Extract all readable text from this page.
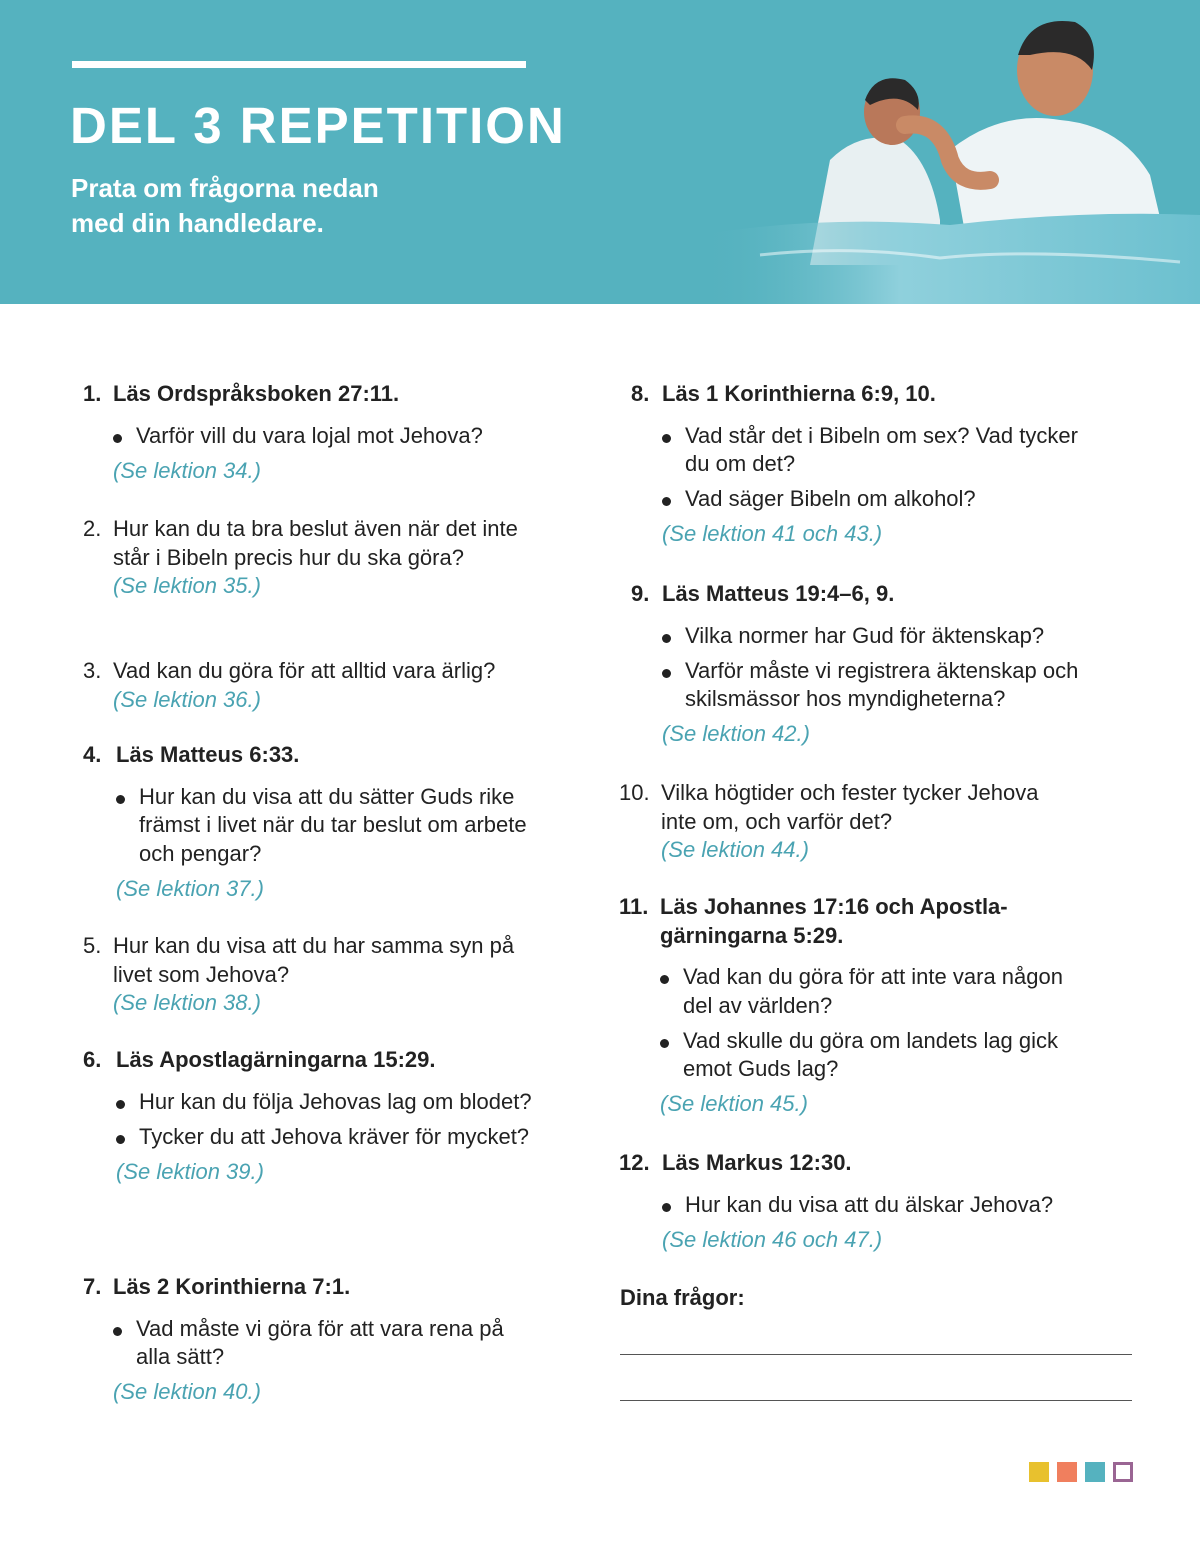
DEL 3 REPETITION

Prata om frågorna nedan
med din handledare.

1. Läs Ordspråksboken 27:11.
Varför vill du vara lojal mot Jehova?
(Se lektion 34.)
2. Hur kan du ta bra beslut även när det inte står i Bibeln precis hur du ska göra?
(Se lektion 35.)
3. Vad kan du göra för att alltid vara ärlig?
(Se lektion 36.)
4. Läs Matteus 6:33.
Hur kan du visa att du sätter Guds rike främst i livet när du tar beslut om arbete och pengar?
(Se lektion 37.)
5. Hur kan du visa att du har samma syn på livet som Jehova?
(Se lektion 38.)
6. Läs Apostlagärningarna 15:29.
Hur kan du följa Jehovas lag om blodet?
Tycker du att Jehova kräver för mycket?
(Se lektion 39.)
7. Läs 2 Korinthierna 7:1.
Vad måste vi göra för att vara rena på alla sätt?
(Se lektion 40.)
8. Läs 1 Korinthierna 6:9, 10.
Vad står det i Bibeln om sex? Vad tycker du om det?
Vad säger Bibeln om alkohol?
(Se lektion 41 och 43.)
9. Läs Matteus 19:4–6, 9.
Vilka normer har Gud för äktenskap?
Varför måste vi registrera äktenskap och skilsmässor hos myndigheterna?
(Se lektion 42.)
10. Vilka högtider och fester tycker Jehova inte om, och varför det?
(Se lektion 44.)
11. Läs Johannes 17:16 och Apostla-gärningarna 5:29.
Vad kan du göra för att inte vara någon del av världen?
Vad skulle du göra om landets lag gick emot Guds lag?
(Se lektion 45.)
12. Läs Markus 12:30.
Hur kan du visa att du älskar Jehova?
(Se lektion 46 och 47.)
Dina frågor:
